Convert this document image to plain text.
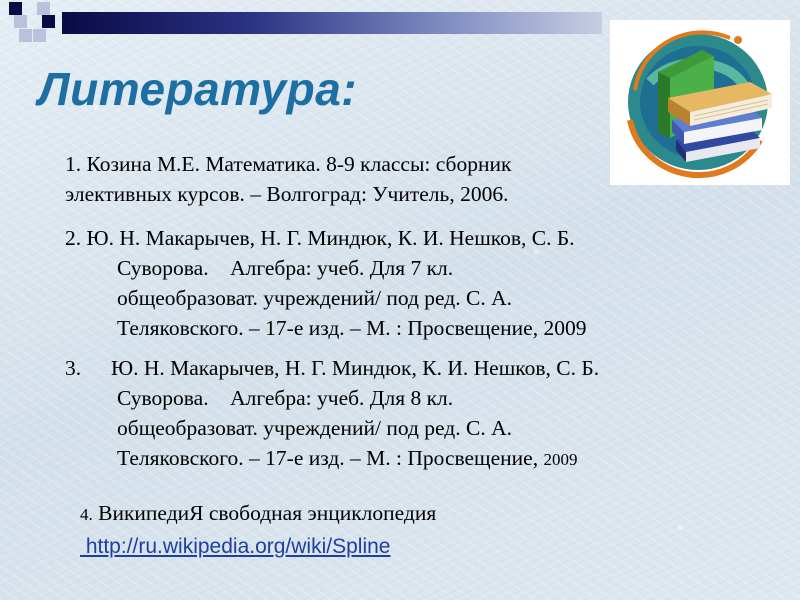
Литература:
1. Козина М.Е. Математика. 8-9 классы: сборник
элективных курсов. – Волгоград: Учитель, 2006.
2. Ю. Н. Макарычев, Н. Г. Миндюк, К. И. Нешков, С. Б.
Суворова.    Алгебра: учеб. Для 7 кл.
общеобразоват. учреждений/ под ред. С. А.
Теляковского. – 17-е изд. – М. : Просвещение, 2009
3. Ю. Н. Макарычев, Н. Г. Миндюк, К. И. Нешков, С. Б.
Суворова.    Алгебра: учеб. Для 8 кл.
общеобразоват. учреждений/ под ред. С. А.
Теляковского. – 17-е изд. – М. : Просвещение, 2009
4. ВикипедиЯ свободная энциклопедия
http://ru.wikipedia.org/wiki/Spline
